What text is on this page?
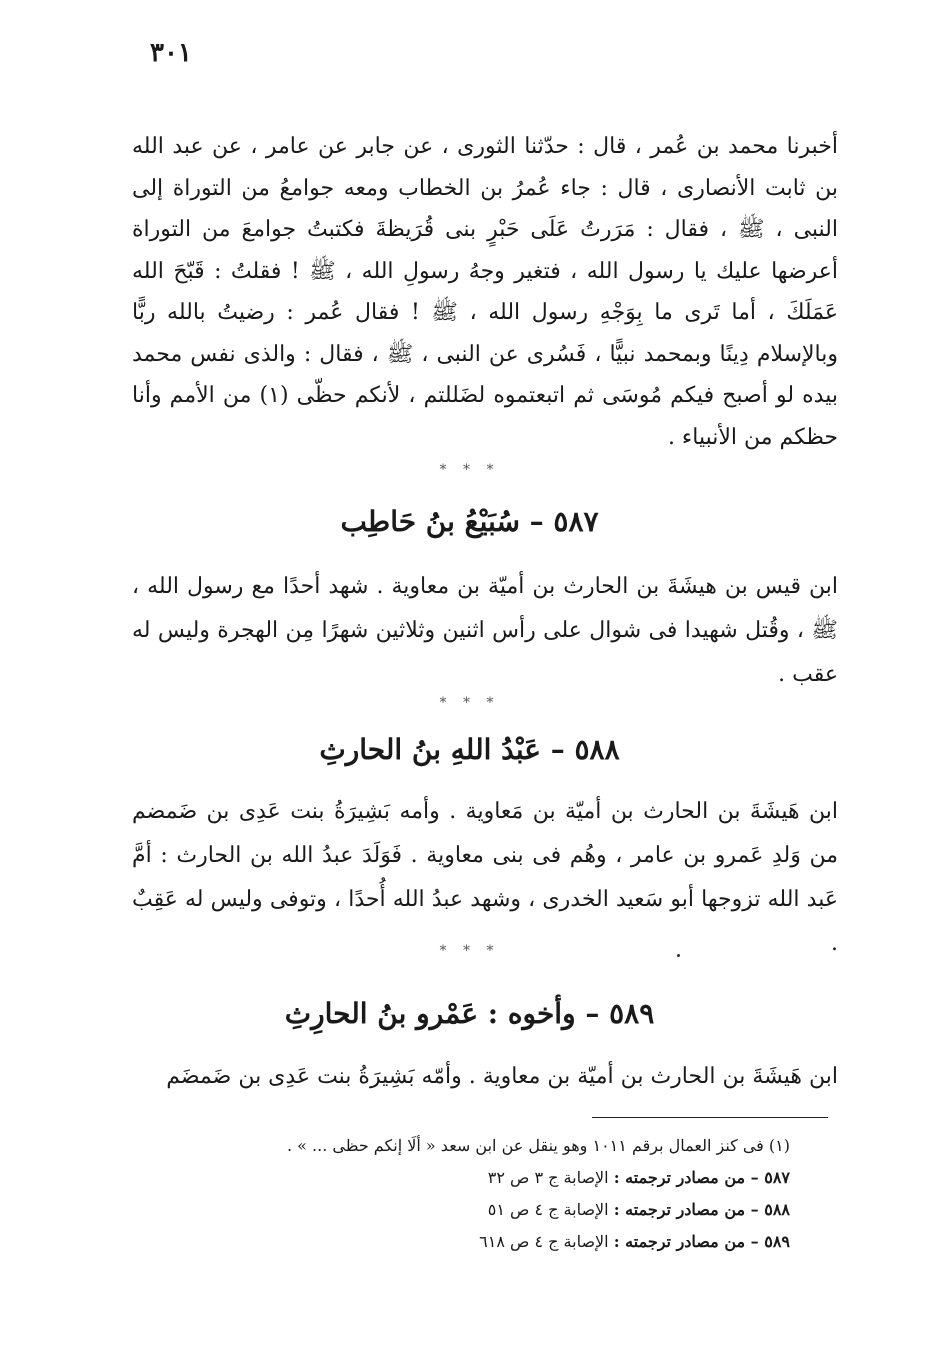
٣٠١

أخبرنا محمد بن عُمر ، قال : حدّثنا الثورى ، عن جابر عن عامر ، عن عبد الله بن ثابت الأنصارى ، قال : جاء عُمرُ بن الخطاب ومعه جوامعُ من التوراة إلى النبى ، ﷺ ، فقال : مَرَرتُ عَلَى حَبْرٍ بنى قُرَيظةَ فكتبتُ جوامعَ من التوراة أعرضها عليك يا رسول الله ، فتغير وجهُ رسولِ الله ، ﷺ ! فقلتُ : قَبّحَ الله عَمَلَكَ ، أما تَرى ما بِوَجْهِ رسول الله ، ﷺ ! فقال عُمر : رضيتُ بالله ربًّا وبالإسلام دِينًا وبمحمد نبيًّا ، فَسُرى عن النبى ، ﷺ ، فقال : والذى نفس محمد بيده لو أصبح فيكم مُوسَى ثم اتبعتموه لضَللتم ، لأنكم حظّى (١) من الأمم وأنا حظكم من الأنبياء .

* * *
٥٨٧ – سُبَيْعُ بنُ حَاطِب

ابن قيس بن هيشَةَ بن الحارث بن أميّة بن معاوية . شهد أحدًا مع رسول الله ، ﷺ ، وقُتل شهيدا فى شوال على رأس اثنين وثلاثين شهرًا مِن الهجرة وليس له عقب .

* * *
٥٨٨ – عَبْدُ اللهِ بنُ الحارثِ

ابن هَيشَةَ بن الحارث بن أميّة بن مَعاوية . وأمه بَشِيرَةُ بنت عَدِى بن ضَمضم من وَلدِ عَمرو بن عامر ، وهُم فى بنى معاوية . فَوَلَدَ عبدُ الله بن الحارث : أمَّ عَبد الله تزوجها أبو سَعيد الخدرى ، وشهد عبدُ الله أُحدًا ، وتوفى وليس له عَقِبٌ .

* * *
٥٨٩ – وأخوه : عَمْرو بنُ الحارِثِ

ابن هَيشَةَ بن الحارث بن أميّة بن معاوية . وأمّه بَشِيرَةُ بنت عَدِى بن ضَمضَم

(١) فى كنز العمال برقم ١٠١١ وهو ينقل عن ابن سعد « ألَا إنكم حظى ... » .
٥٨٧ – من مصادر ترجمته : الإصابة ج ٣ ص ٣٢
٥٨٨ – من مصادر ترجمته : الإصابة ج ٤ ص ٥١
٥٨٩ – من مصادر ترجمته : الإصابة ج ٤ ص ٦١٨
